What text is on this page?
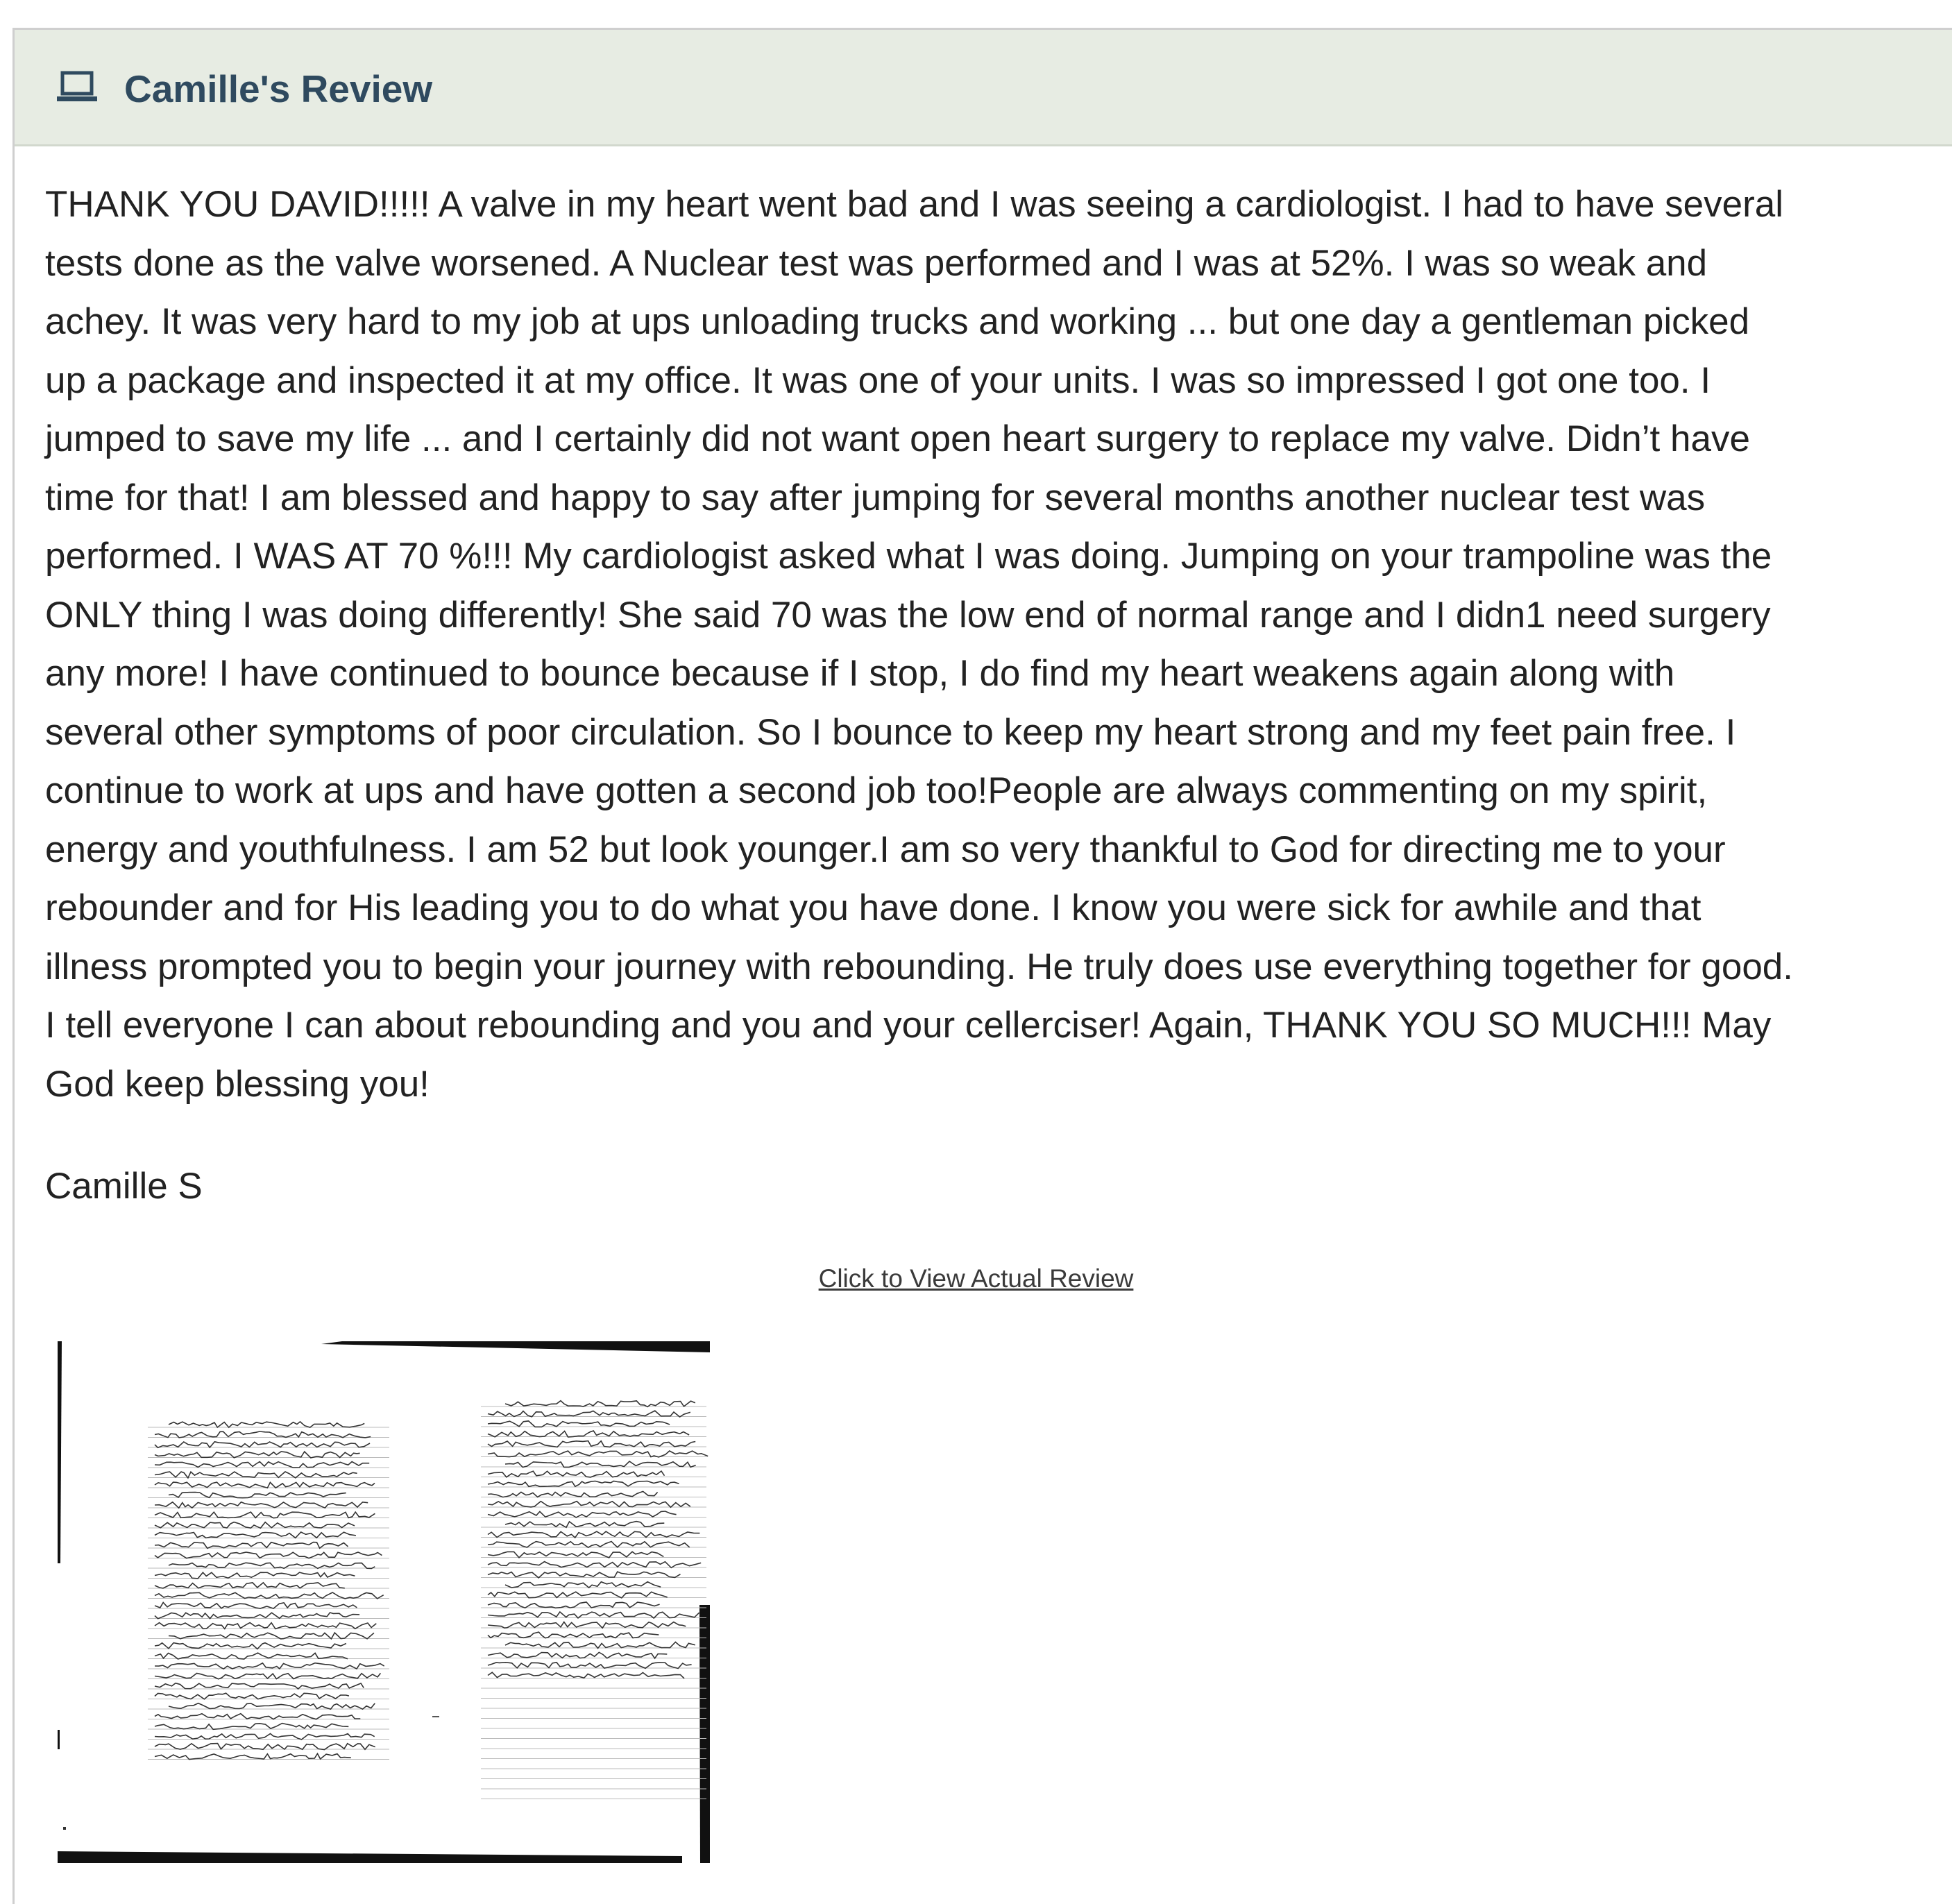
Camille's Review
THANK YOU DAVID!!!!! A valve in my heart went bad and I was seeing a cardiologist. I had to have several
tests done as the valve worsened. A Nuclear test was performed and I was at 52%. I was so weak and
achey. It was very hard to my job at ups unloading trucks and working ... but one day a gentleman picked
up a package and inspected it at my office. It was one of your units. I was so impressed I got one too. I
jumped to save my life ... and I certainly did not want open heart surgery to replace my valve. Didn’t have
time for that! I am blessed and happy to say after jumping for several months another nuclear test was
performed. I WAS AT 70 %!!! My cardiologist asked what I was doing. Jumping on your trampoline was the
ONLY thing I was doing differently! She said 70 was the low end of normal range and I didn1 need surgery
any more! I have continued to bounce because if I stop, I do find my heart weakens again along with
several other symptoms of poor circulation. So I bounce to keep my heart strong and my feet pain free. I
continue to work at ups and have gotten a second job too!People are always commenting on my spirit,
energy and youthfulness. I am 52 but look younger.I am so very thankful to God for directing me to your
rebounder and for His leading you to do what you have done. I know you were sick for awhile and that
illness prompted you to begin your journey with rebounding. He truly does use everything together for good.
I tell everyone I can about rebounding and you and your cellerciser! Again, THANK YOU SO MUCH!!! May
God keep blessing you!
Camille S
Click to View Actual Review
